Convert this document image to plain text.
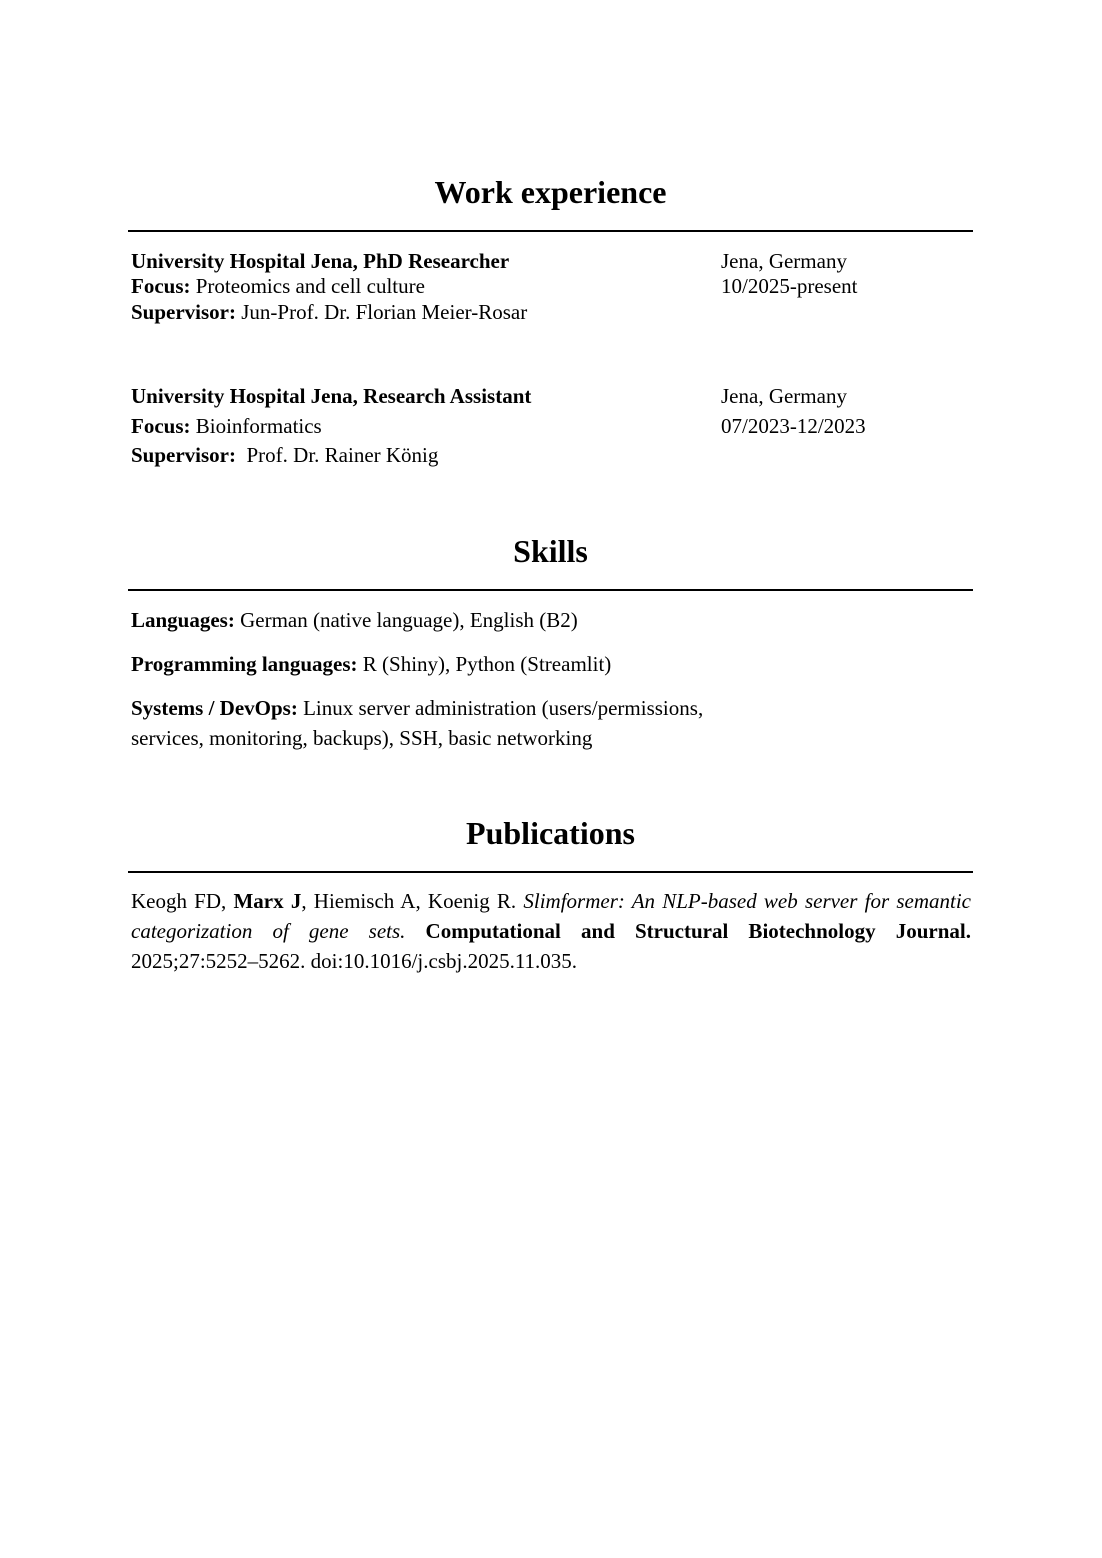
Work experience
University Hospital Jena, PhD Researcher
Focus: Proteomics and cell culture
Supervisor: Jun-Prof. Dr. Florian Meier-Rosar
Jena, Germany
10/2025-present
University Hospital Jena, Research Assistant
Focus: Bioinformatics
Supervisor:  Prof. Dr. Rainer König
Jena, Germany
07/2023-12/2023
Skills
Languages: German (native language), English (B2)
Programming languages: R (Shiny), Python (Streamlit)
Systems / DevOps: Linux server administration (users/permissions,
services, monitoring, backups), SSH, basic networking
Publications
Keogh FD, Marx J, Hiemisch A, Koenig R. Slimformer: An NLP-based web server for semantic categorization of gene sets. Computational and Structural Biotechnology Journal. 2025;27:5252–5262. doi:10.1016/j.csbj.2025.11.035.
